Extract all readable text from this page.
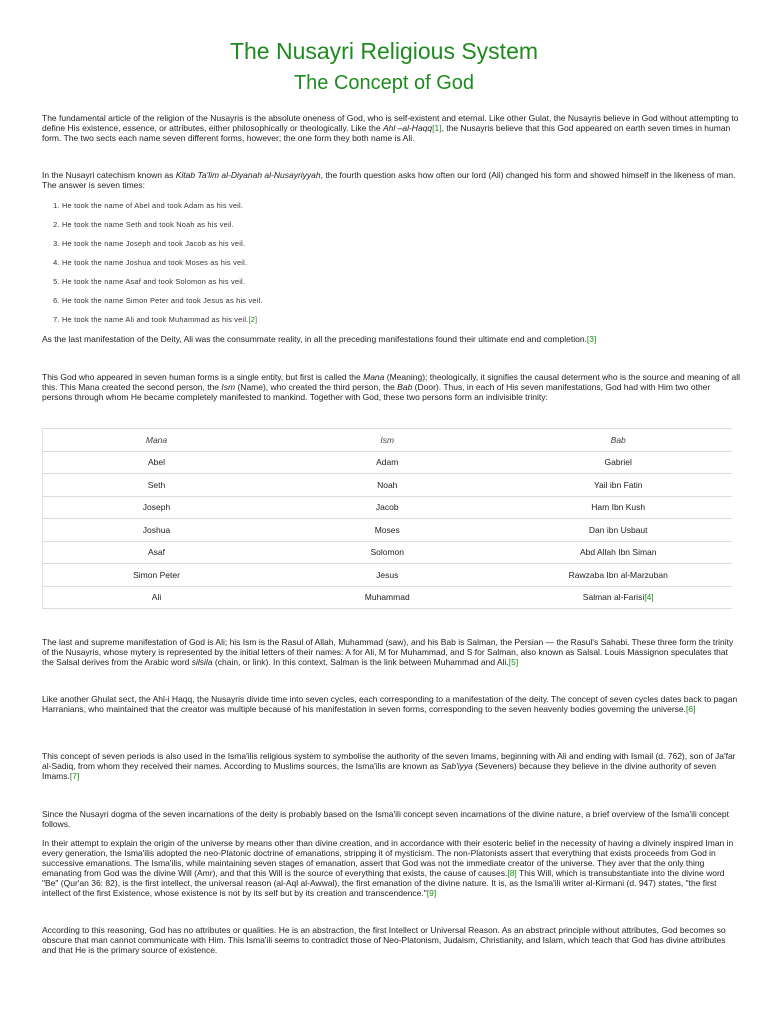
The Nusayri Religious System
The Concept of God

The fundamental article of the religion of the Nusayris is the absolute oneness of God, who is self-existent and eternal. Like other Gulat, the Nusayris believe in God without attempting to define His existence, essence, or attributes, either philosophically or theologically. Like the Ahl –al-Haqq[1], the Nusayris believe that this God appeared on earth seven times in human form. The two sects each name seven different forms, however; the one form they both name is Ali.

In the Nusayri catechism known as Kitab Ta'lim al-Diyanah al-Nusayriyyah, the fourth question asks how often our lord (Ali) changed his form and showed himself in the likeness of man. The answer is seven times:

1. He took the name of Abel and took Adam as his veil.
2. He took the name Seth and took Noah as his veil.
3. He took the name Joseph and took Jacob as his veil.
4. He took the name Joshua and took Moses as his veil.
5. He took the name Asaf and took Solomon as his veil.
6. He took the name Simon Peter and took Jesus as his veil.
7. He took the name Ali and took Muhammad as his veil.[2]

As the last manifestation of the Deity, Ali was the consummate reality, in all the preceding manifestations found their ultimate end and completion.[3]

This God who appeared in seven human forms is a single entity, but first is called the Mana (Meaning); theologically, it signifies the causal determent who is the source and meaning of all this. This Mana created the second person, the Ism (Name), who created the third person, the Bab (Door). Thus, in each of His seven manifestations, God had with Him two other persons through whom He became completely manifested to mankind. Together with God, these two persons form an indivisible trinity:

Mana	Ism	Bab
Abel	Adam	Gabriel
Seth	Noah	Yail ibn Fatin
Joseph	Jacob	Ham Ibn Kush
Joshua	Moses	Dan ibn Usbaut
Asaf	Solomon	Abd Allah Ibn Siman
Simon Peter	Jesus	Rawzaba Ibn al-Marzuban
Ali	Muhammad	Salman al-Farisi[4]

The last and supreme manifestation of God is Ali; his Ism is the Rasul of Allah, Muhammad (saw), and his Bab is Salman, the Persian — the Rasul's Sahabi. These three form the trinity of the Nusayris, whose mytery is represented by the initial letters of their names: A for Ali, M for Muhammad, and S for Salman, also known as Salsal. Louis Massignon speculates that the Salsal derives from the Arabic word silsila (chain, or link). In this context, Salman is the link between Muhammad and Ali.[5]

Like another Ghulat sect, the Ahl-i Haqq, the Nusayris divide time into seven cycles, each corresponding to a manifestation of the deity. The concept of seven cycles dates back to pagan Harranians, who maintained that the creator was multiple because of his manifestation in seven forms, corresponding to the seven heavenly bodies governing the universe.[6]

This concept of seven periods is also used in the Isma'ilis religious system to symbolise the authority of the seven Imams, beginning with Ali and ending with Ismail (d. 762), son of Ja'far al-Sadiq, from whom they received their names. According to Muslims sources, the Isma'ilis are known as Sab'iyya (Seveners) because they believe in the divine authority of seven Imams.[7]

Since the Nusayri dogma of the seven incarnations of the deity is probably based on the Isma'ili concept seven incarnations of the divine nature, a brief overview of the Isma'ili concept follows.

In their attempt to explain the origin of the universe by means other than divine creation, and in accordance with their esoteric belief in the necessity of having a divinely inspired Iman in every generation, the Isma'ilis adopted the neo-Platonic doctrine of emanations, stripping it of mysticism. The non-Platonists assert that everything that exists proceeds from God in successive emanations. The Isma'ilis, while maintaining seven stages of emanation, assert that God was not the immediate creator of the universe. They aver that the only thing emanating from God was the divine Will (Amr), and that this Will is the source of everything that exists, the cause of causes.[8] This Will, which is transubstantiate into the divine word "Be" (Qur'an 36: 82), is the first intellect, the universal reason (al-Aql al-Awwal), the first emanation of the divine nature. It is, as the Isma'ili writer al-Kirmani (d. 947) states, "the first intellect of the first Existence, whose existence is not by its self but by its creation and transcendence."[9]

According to this reasoning, God has no attributes or qualities. He is an abstraction, the first Intellect or Universal Reason. As an abstract principle without attributes, God becomes so obscure that man cannot communicate with Him. This Isma'ili seems to contradict those of Neo-Platonism, Judaism, Christianity, and Islam, which teach that God has divine attributes and that He is the primary source of existence.
